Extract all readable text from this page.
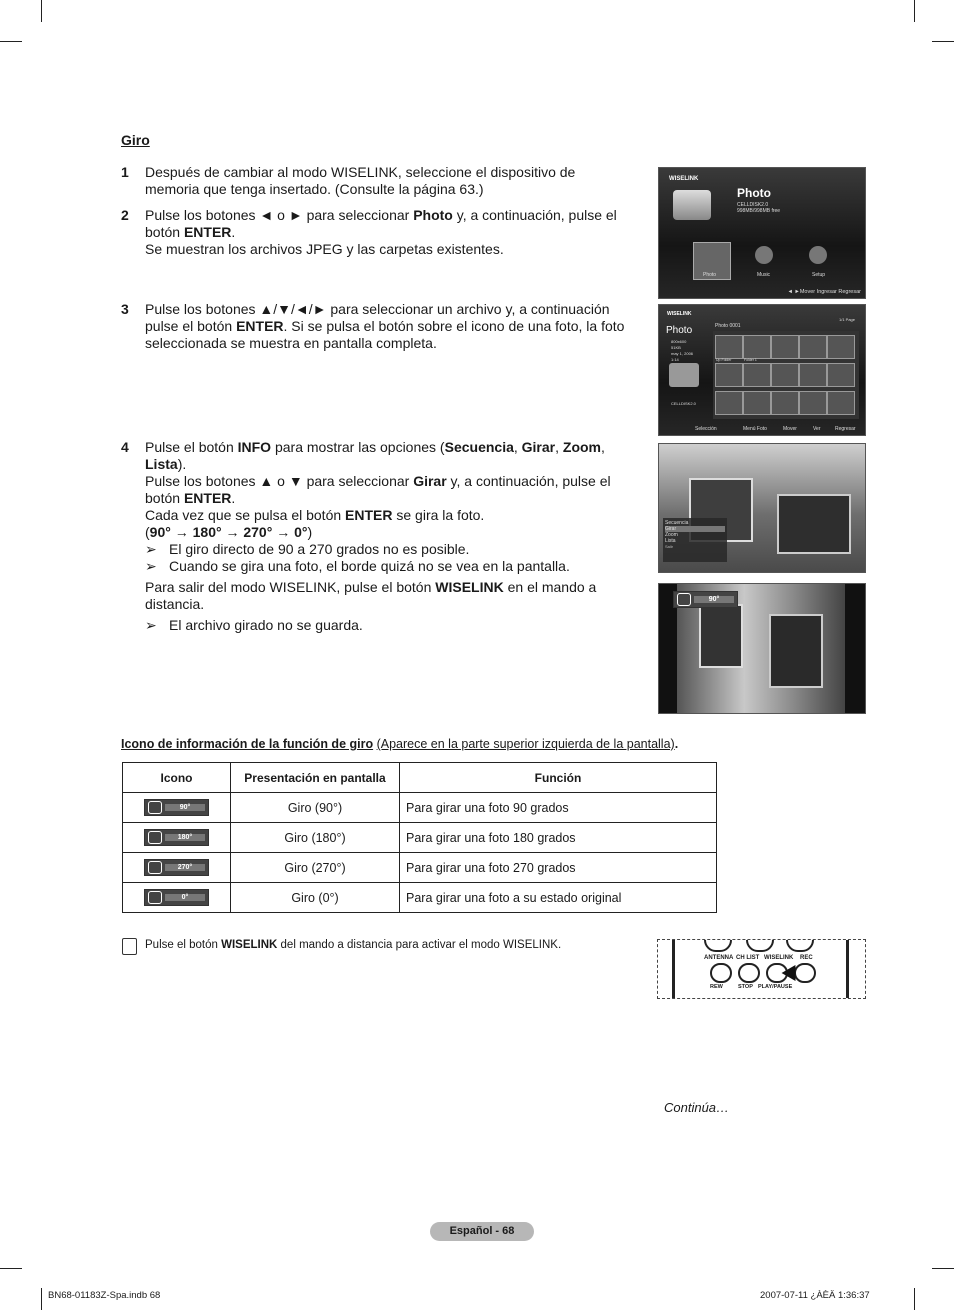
Giro
1 Después de cambiar al modo WISELINK, seleccione el dispositivo de memoria que tenga insertado. (Consulte la página 63.)
2 Pulse los botones ◄ o ► para seleccionar Photo y, a continuación, pulse el botón ENTER.
Se muestran los archivos JPEG y las carpetas existentes.
3 Pulse los botones ▲/▼/◄/► para seleccionar un archivo y, a continuación pulse el botón ENTER. Si se pulsa el botón sobre el icono de una foto, la foto seleccionada se muestra en pantalla completa.
4 Pulse el botón INFO para mostrar las opciones (Secuencia, Girar, Zoom, Lista).
Pulse los botones ▲ o ▼ para seleccionar Girar y, a continuación, pulse el botón ENTER.
Cada vez que se pulsa el botón ENTER se gira la foto.
(90° → 180° → 270° → 0°)
➢ El giro directo de 90 a 270 grados no es posible.
➢ Cuando se gira una foto, el borde quizá no se vea en la pantalla.
Para salir del modo WISELINK, pulse el botón WISELINK en el mando a distancia.
➢ El archivo girado no se guarda.
WISELINK
Photo
CELLDISK2.0
998MB/998MB free
Photo	Music	Setup
◄ ►Mover Ingresar Regresar
WISELINK
Photo
800x600
51KB
may 1, 2006
1:14
CELLDISK2.0
Photo 0001
1/1 Page
Up Folder	Folder 1
Selección	Menú Foto	Mover	Ver	Regresar
Secuencia
Girar
Zoom
Lista
Salir
90°
Icono de información de la función de giro (Aparece en la parte superior izquierda de la pantalla).
Icono	Presentación en pantalla	Función

90°	Giro (90°)	Para girar una foto 90 grados

180°	Giro (180°)	Para girar una foto 180 grados

270°	Giro (270°)	Para girar una foto 270 grados

0°	Giro (0°)	Para girar una foto a su estado original
Pulse el botón WISELINK del mando a distancia para activar el modo WISELINK.
ANTENNA CH LIST WISELINK REC
REW	STOP PLAY/PAUSE
Continúa…
Español - 68
BN68-01183Z-Spa.indb 68	2007-07-11 ¿ÀÈÄ 1:36:37
